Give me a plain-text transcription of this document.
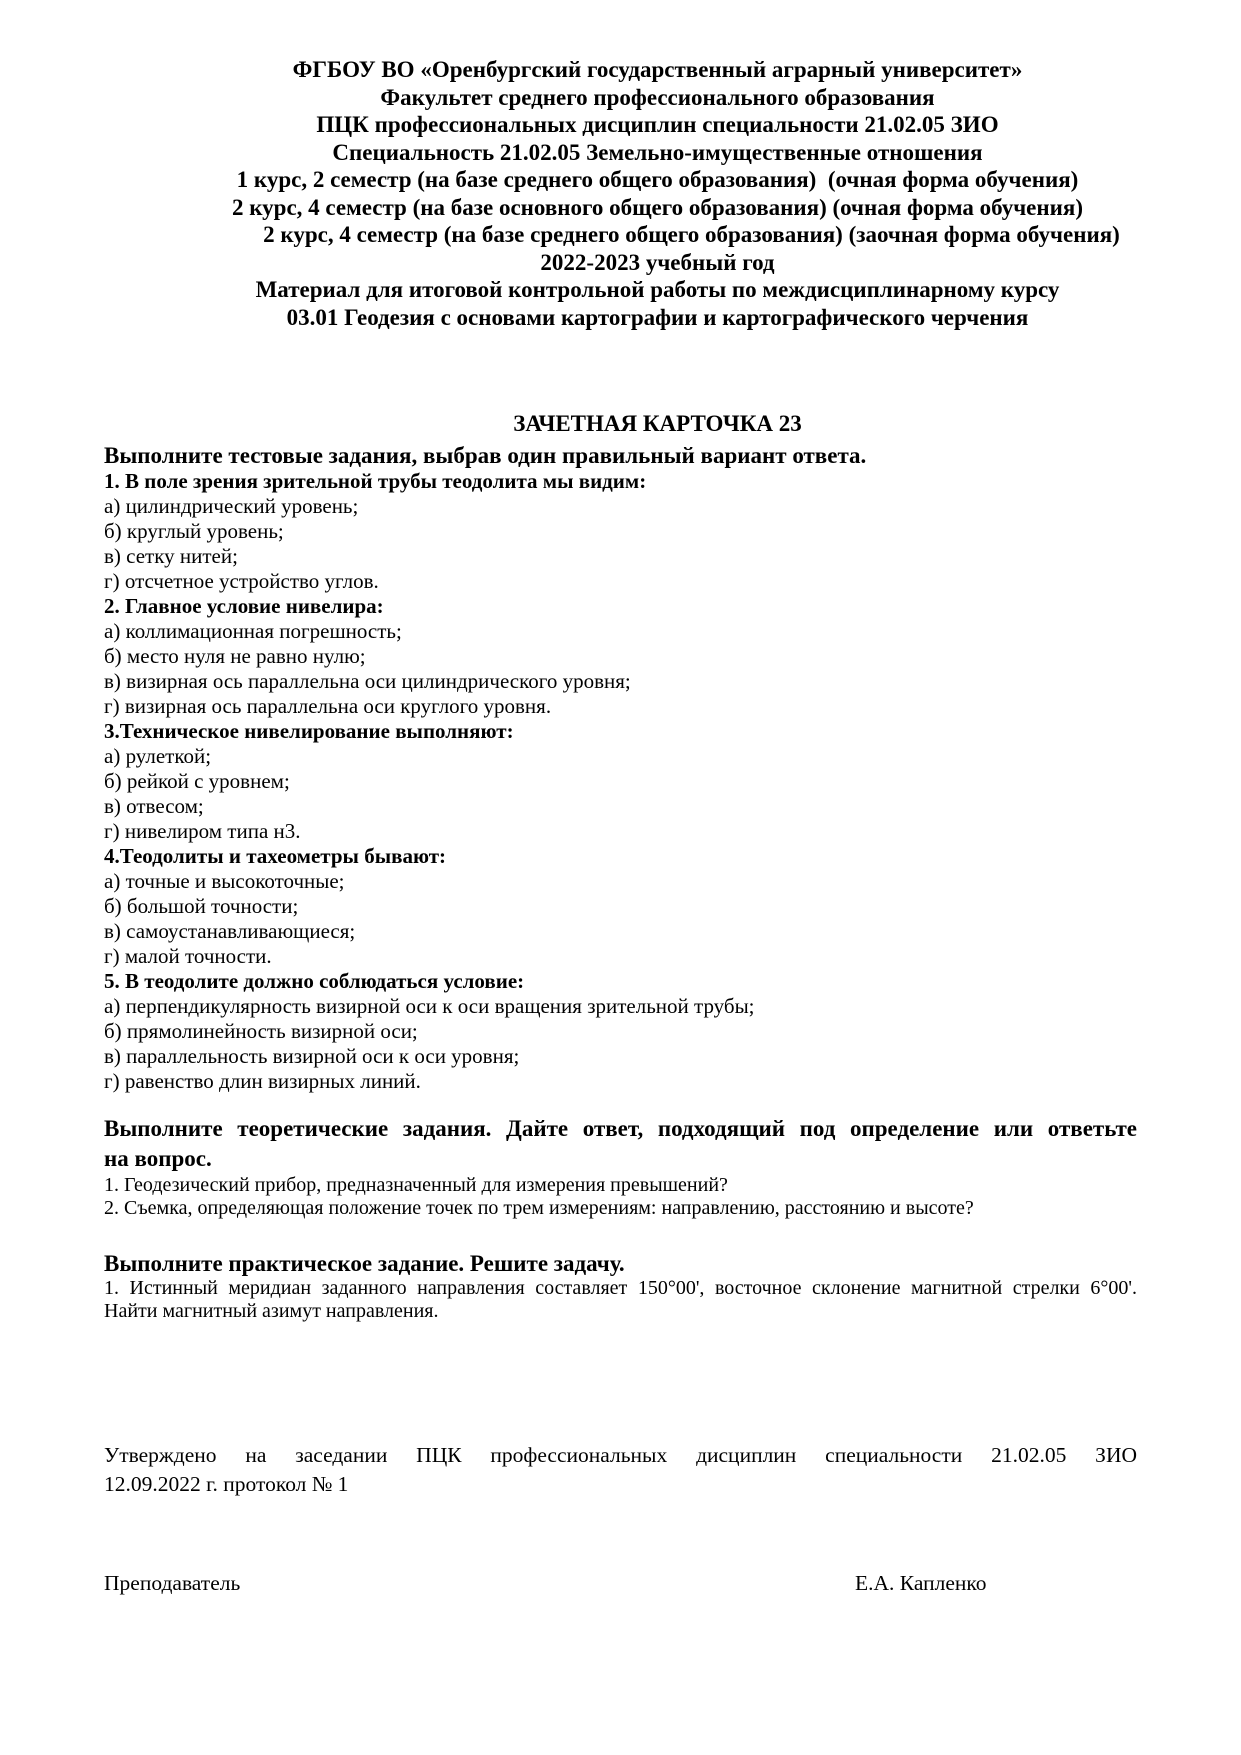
ФГБОУ ВО «Оренбургский государственный аграрный университет»
Факультет среднего профессионального образования
ПЦК профессиональных дисциплин специальности 21.02.05 ЗИО
Специальность 21.02.05 Земельно-имущественные отношения
1 курс, 2 семестр (на базе среднего общего образования)  (очная форма обучения)
2 курс, 4 семестр (на базе основного общего образования) (очная форма обучения)
2 курс, 4 семестр (на базе среднего общего образования) (заочная форма обучения)
2022-2023 учебный год
Материал для итоговой контрольной работы по междисциплинарному курсу
03.01 Геодезия с основами картографии и картографического черчения
ЗАЧЕТНАЯ КАРТОЧКА 23
Выполните тестовые задания, выбрав один правильный вариант ответа.
1. В поле зрения зрительной трубы теодолита мы видим:
а) цилиндрический уровень;
б) круглый уровень;
в) сетку нитей;
г) отсчетное устройство углов.
2. Главное условие нивелира:
а) коллимационная погрешность;
б) место нуля не равно нулю;
в) визирная ось параллельна оси цилиндрического уровня;
г) визирная ось параллельна оси круглого уровня.
3.Техническое нивелирование выполняют:
а) рулеткой;
б) рейкой с уровнем;
в) отвесом;
г) нивелиром типа н3.
4.Теодолиты и тахеометры бывают:
а) точные и высокоточные;
б) большой точности;
в) самоустанавливающиеся;
г) малой точности.
5. В теодолите должно соблюдаться условие:
а) перпендикулярность визирной оси к оси вращения зрительной трубы;
б) прямолинейность визирной оси;
в) параллельность визирной оси к оси уровня;
г) равенство длин визирных линий.
Выполните теоретические задания. Дайте ответ, подходящий под определение или ответьте
на вопрос.
1. Геодезический прибор, предназначенный для измерения превышений?
2. Съемка, определяющая положение точек по трем измерениям: направлению, расстоянию и высоте?
Выполните практическое задание. Решите задачу.
1. Истинный меридиан заданного направления составляет 150°00', восточное склонение магнитной стрелки 6°00'.
Найти магнитный азимут направления.
Утверждено на заседании ПЦК профессиональных дисциплин специальности 21.02.05 ЗИО
12.09.2022 г. протокол № 1
Преподаватель	Е.А. Капленко
